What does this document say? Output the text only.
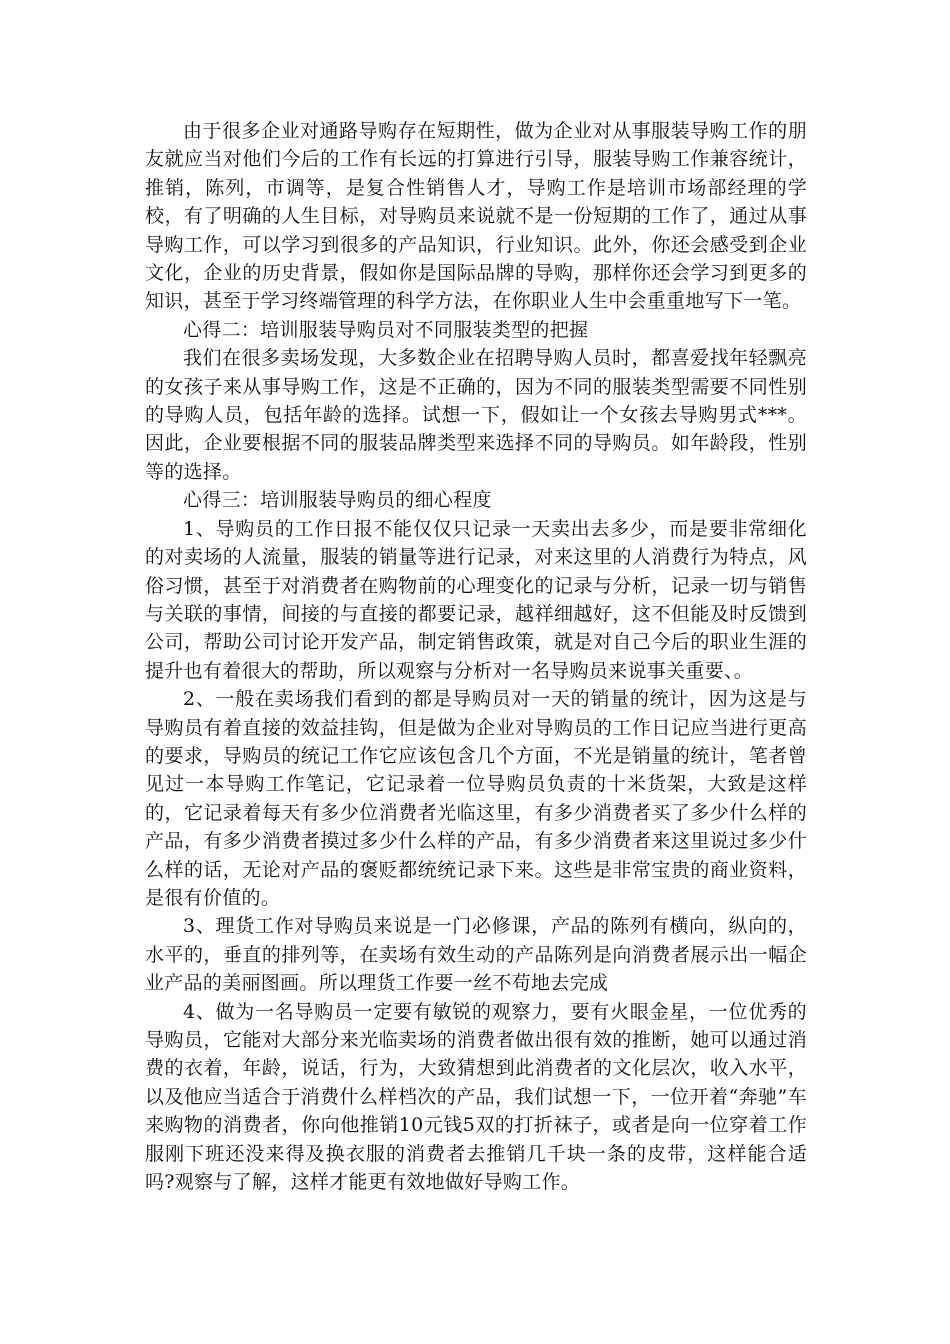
由于很多企业对通路导购存在短期性，做为企业对从事服装导购工作的朋友就应当对他们今后的工作有长远的打算进行引导，服装导购工作兼容统计，推销，陈列，市调等，是复合性销售人才，导购工作是培训市场部经理的学校，有了明确的人生目标，对导购员来说就不是一份短期的工作了，通过从事导购工作，可以学习到很多的产品知识，行业知识。此外，你还会感受到企业文化，企业的历史背景，假如你是国际品牌的导购，那样你还会学习到更多的知识，甚至于学习终端管理的科学方法，在你职业人生中会重重地写下一笔。

心得二：培训服装导购员对不同服装类型的把握

我们在很多卖场发现，大多数企业在招聘导购人员时，都喜爱找年轻飘亮的女孩子来从事导购工作，这是不正确的，因为不同的服装类型需要不同性别的导购人员，包括年龄的选择。试想一下，假如让一个女孩去导购男式***。因此，企业要根据不同的服装品牌类型来选择不同的导购员。如年龄段，性别等的选择。

心得三：培训服装导购员的细心程度

1、导购员的工作日报不能仅仅只记录一天卖出去多少，而是要非常细化的对卖场的人流量，服装的销量等进行记录，对来这里的人消费行为特点，风俗习惯，甚至于对消费者在购物前的心理变化的记录与分析，记录一切与销售与关联的事情，间接的与直接的都要记录，越祥细越好，这不但能及时反馈到公司，帮助公司讨论开发产品，制定销售政策，就是对自己今后的职业生涯的提升也有着很大的帮助，所以观察与分析对一名导购员来说事关重要、。

2、一般在卖场我们看到的都是导购员对一天的销量的统计，因为这是与导购员有着直接的效益挂钩，但是做为企业对导购员的工作日记应当进行更高的要求，导购员的统记工作它应该包含几个方面，不光是销量的统计，笔者曾见过一本导购工作笔记，它记录着一位导购员负责的十米货架，大致是这样的，它记录着每天有多少位消费者光临这里，有多少消费者买了多少什么样的产品，有多少消费者摸过多少什么样的产品，有多少消费者来这里说过多少什么样的话，无论对产品的褒贬都统统记录下来。这些是非常宝贵的商业资料，是很有价值的。

3、理货工作对导购员来说是一门必修课，产品的陈列有横向，纵向的，水平的，垂直的排列等，在卖场有效生动的产品陈列是向消费者展示出一幅企业产品的美丽图画。所以理货工作要一丝不苟地去完成

4、做为一名导购员一定要有敏锐的观察力，要有火眼金星，一位优秀的导购员，它能对大部分来光临卖场的消费者做出很有效的推断，她可以通过消费的衣着，年龄，说话，行为，大致猜想到此消费者的文化层次，收入水平，以及他应当适合于消费什么样档次的产品，我们试想一下，一位开着“奔驰”车来购物的消费者，你向他推销10元钱5双的打折袜子，或者是向一位穿着工作服刚下班还没来得及换衣服的消费者去推销几千块一条的皮带，这样能合适吗?观察与了解，这样才能更有效地做好导购工作。
